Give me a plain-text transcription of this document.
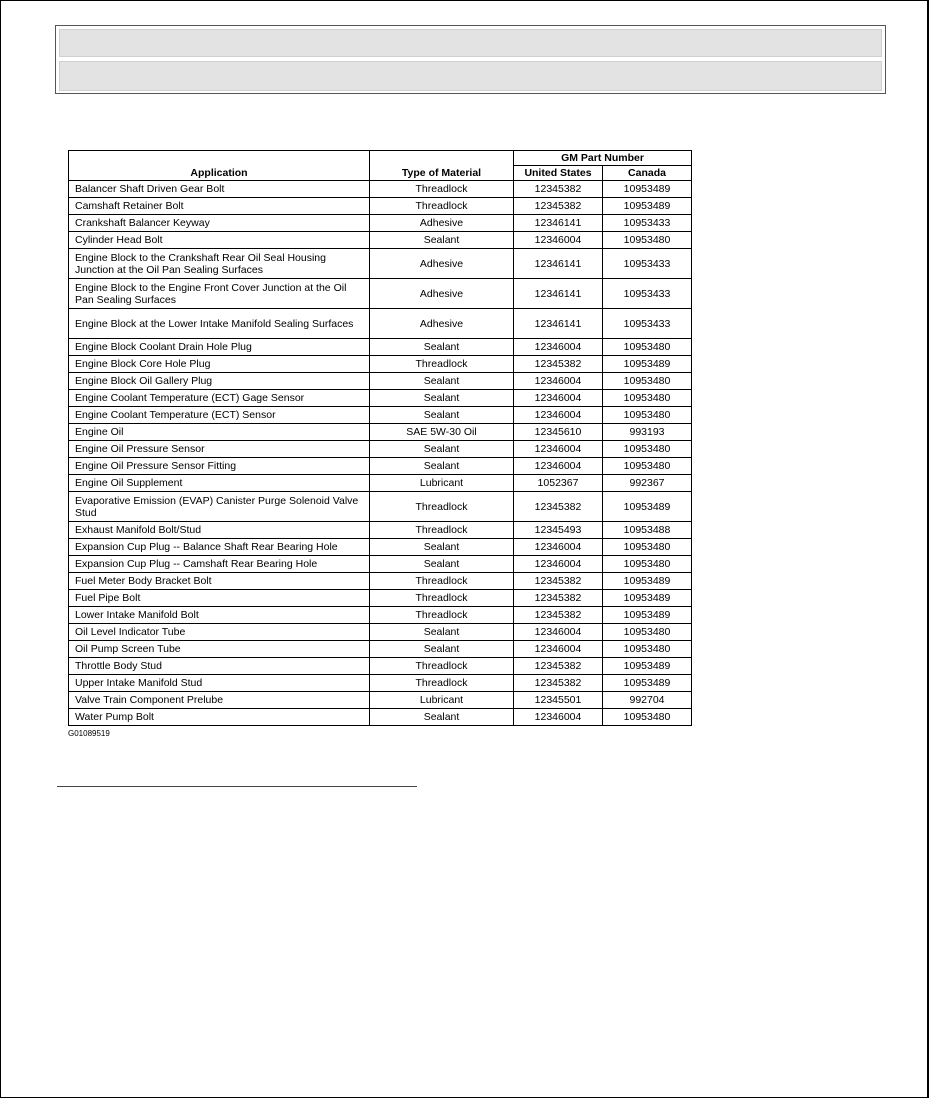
Application	Type of Material	GM Part Number	
		United States	Canada
Balancer Shaft Driven Gear Bolt	Threadlock	12345382	10953489
Camshaft Retainer Bolt	Threadlock	12345382	10953489
Crankshaft Balancer Keyway	Adhesive	12346141	10953433
Cylinder Head Bolt	Sealant	12346004	10953480
Engine Block to the Crankshaft Rear Oil Seal Housing Junction at the Oil Pan Sealing Surfaces	Adhesive	12346141	10953433
Engine Block to the Engine Front Cover Junction at the Oil Pan Sealing Surfaces	Adhesive	12346141	10953433
Engine Block at the Lower Intake Manifold Sealing Surfaces	Adhesive	12346141	10953433
Engine Block Coolant Drain Hole Plug	Sealant	12346004	10953480
Engine Block Core Hole Plug	Threadlock	12345382	10953489
Engine Block Oil Gallery Plug	Sealant	12346004	10953480
Engine Coolant Temperature (ECT) Gage Sensor	Sealant	12346004	10953480
Engine Coolant Temperature (ECT) Sensor	Sealant	12346004	10953480
Engine Oil	SAE 5W-30 Oil	12345610	993193
Engine Oil Pressure Sensor	Sealant	12346004	10953480
Engine Oil Pressure Sensor Fitting	Sealant	12346004	10953480
Engine Oil Supplement	Lubricant	1052367	992367
Evaporative Emission (EVAP) Canister Purge Solenoid Valve Stud	Threadlock	12345382	10953489
Exhaust Manifold Bolt/Stud	Threadlock	12345493	10953488
Expansion Cup Plug -- Balance Shaft Rear Bearing Hole	Sealant	12346004	10953480
Expansion Cup Plug -- Camshaft Rear Bearing Hole	Sealant	12346004	10953480
Fuel Meter Body Bracket Bolt	Threadlock	12345382	10953489
Fuel Pipe Bolt	Threadlock	12345382	10953489
Lower Intake Manifold Bolt	Threadlock	12345382	10953489
Oil Level Indicator Tube	Sealant	12346004	10953480
Oil Pump Screen Tube	Sealant	12346004	10953480
Throttle Body Stud	Threadlock	12345382	10953489
Upper Intake Manifold Stud	Threadlock	12345382	10953489
Valve Train Component Prelube	Lubricant	12345501	992704
Water Pump Bolt	Sealant	12346004	10953480
G01089519
